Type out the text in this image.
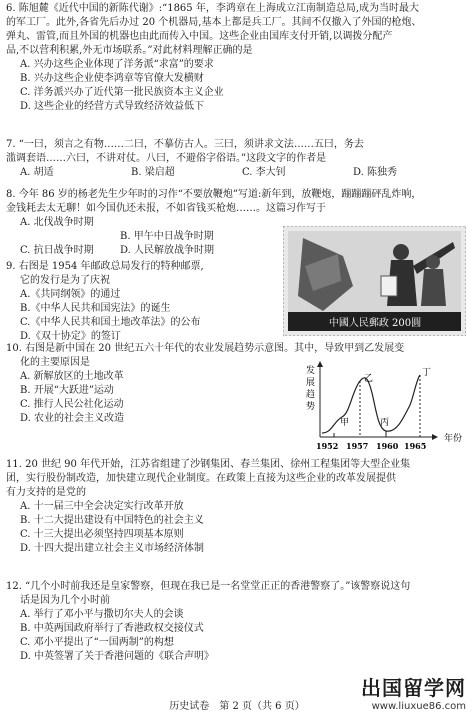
6. 陈旭麓《近代中国的新陈代谢》:“1865 年，李鸿章在上海成立江南制造总局,成为当时最大

的军工厂。此外,各省先后办过 20 个机器局,基本上都是兵工厂。其间不仅撤入了外国的枪炮、

弹丸、雷管,而且外国的机器也由此而传入中国。这些企业由国库支付开销,以调拨分配产

品,不以营利积累,外无市场联系。”对此材料理解正确的是

A. 兴办这些企业体现了洋务派“求富”的要求

B. 兴办这些企业使李鸿章等官僚大发横财

C. 洋务派兴办了近代第一批民族资本主义企业

D. 这些企业的经营方式导致经济效益低下

7. “一曰，须言之有物……二曰，不摹仿古人。三曰，须讲求文法……五曰，务去

滥调套语……六曰，不讲对仗。八曰，不避俗字俗语。”这段文字的作者是

A. 胡适	B. 梁启超	C. 李大钊	D. 陈独秀

8. 今年 86 岁的杨老先生少年时的习作“不要放鞭炮”写道:新年到，放鞭炮，蹦蹦蹦砰乱炸响，

金钱耗去太无聊！如今国仇还未报，不如省钱买枪炮……。这篇习作写于

A. 北伐战争时期

B. 甲午中日战争时期

C. 抗日战争时期	D. 人民解放战争时期

9. 右图是 1954 年邮政总局发行的特种邮票,

它的发行是为了庆祝

A.《共同纲领》的通过

B.《中华人民共和国宪法》的诞生

C.《中华人民共和国土地改革法》的公布

D.《双十协定》的签订

中國人民郵政 200圓

10. 右图是新中国在 20 世纪五六十年代的农业发展趋势示意图。其中，导致甲到乙发展变

化的主要原因是

A. 新解放区的土地改革

B. 开展“大跃进”运动

C. 推行人民公社化运动

D. 农业的社会主义改造

发
展
趋
势
年份
甲
乙
丙
丁
1952 1957 1960 1965

11. 20 世纪 90 年代开始，江苏省组建了沙钢集团、春兰集团、徐州工程集团等大型企业集

团，实行股份制改造，加快建立现代企业制度。在政策上直接为这些企业的改革发展提供

有力支持的是党的

A. 十一届三中全会决定实行改革开放

B. 十二大提出建设有中国特色的社会主义

C. 十三大提出必须坚持四项基本原则

D. 十四大提出建立社会主义市场经济体制

12. “几个小时前我还是皇家警察，但现在我已是一名堂堂正正的香港警察了。”该警察说这句

话是因为几个小时前

A. 举行了邓小平与撒切尔夫人的会谈

B. 中英两国政府举行了香港政权交接仪式

C. 邓小平提出了“一国两制”的构想

D. 中英签署了关于香港问题的《联合声明》

出国留学网
www.liuxue86.com
历史试卷　第 2 页（共 6 页）
